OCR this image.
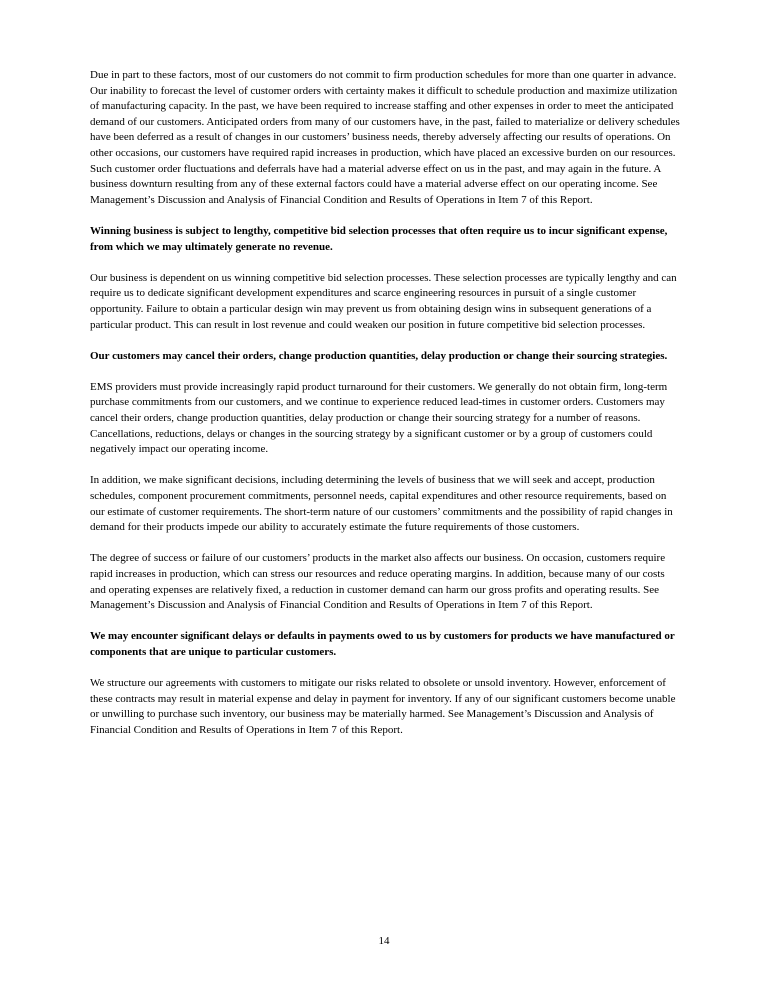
Due in part to these factors, most of our customers do not commit to firm production schedules for more than one quarter in advance. Our inability to forecast the level of customer orders with certainty makes it difficult to schedule production and maximize utilization of manufacturing capacity. In the past, we have been required to increase staffing and other expenses in order to meet the anticipated demand of our customers. Anticipated orders from many of our customers have, in the past, failed to materialize or delivery schedules have been deferred as a result of changes in our customers’ business needs, thereby adversely affecting our results of operations. On other occasions, our customers have required rapid increases in production, which have placed an excessive burden on our resources. Such customer order fluctuations and deferrals have had a material adverse effect on us in the past, and may again in the future. A business downturn resulting from any of these external factors could have a material adverse effect on our operating income. See Management’s Discussion and Analysis of Financial Condition and Results of Operations in Item 7 of this Report.

Winning business is subject to lengthy, competitive bid selection processes that often require us to incur significant expense, from which we may ultimately generate no revenue.

Our business is dependent on us winning competitive bid selection processes. These selection processes are typically lengthy and can require us to dedicate significant development expenditures and scarce engineering resources in pursuit of a single customer opportunity. Failure to obtain a particular design win may prevent us from obtaining design wins in subsequent generations of a particular product. This can result in lost revenue and could weaken our position in future competitive bid selection processes.

Our customers may cancel their orders, change production quantities, delay production or change their sourcing strategies.

EMS providers must provide increasingly rapid product turnaround for their customers. We generally do not obtain firm, long-term purchase commitments from our customers, and we continue to experience reduced lead-times in customer orders. Customers may cancel their orders, change production quantities, delay production or change their sourcing strategy for a number of reasons. Cancellations, reductions, delays or changes in the sourcing strategy by a significant customer or by a group of customers could negatively impact our operating income.

In addition, we make significant decisions, including determining the levels of business that we will seek and accept, production schedules, component procurement commitments, personnel needs, capital expenditures and other resource requirements, based on our estimate of customer requirements. The short-term nature of our customers’ commitments and the possibility of rapid changes in demand for their products impede our ability to accurately estimate the future requirements of those customers.

The degree of success or failure of our customers’ products in the market also affects our business. On occasion, customers require rapid increases in production, which can stress our resources and reduce operating margins. In addition, because many of our costs and operating expenses are relatively fixed, a reduction in customer demand can harm our gross profits and operating results. See Management’s Discussion and Analysis of Financial Condition and Results of Operations in Item 7 of this Report.

We may encounter significant delays or defaults in payments owed to us by customers for products we have manufactured or components that are unique to particular customers.

We structure our agreements with customers to mitigate our risks related to obsolete or unsold inventory. However, enforcement of these contracts may result in material expense and delay in payment for inventory. If any of our significant customers become unable or unwilling to purchase such inventory, our business may be materially harmed. See Management’s Discussion and Analysis of Financial Condition and Results of Operations in Item 7 of this Report.

14
